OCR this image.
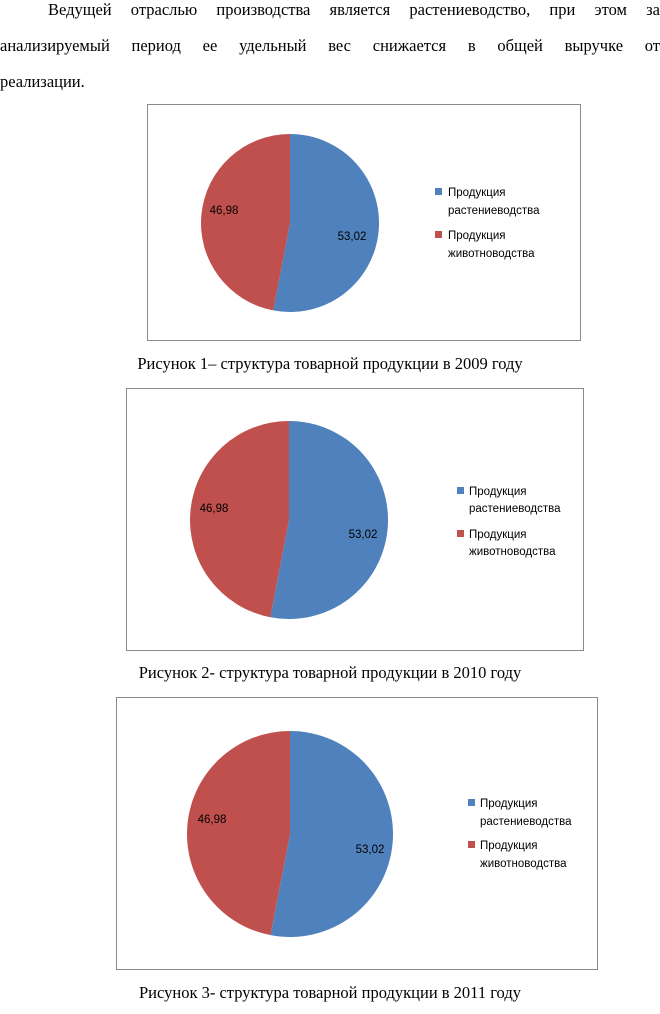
Ведущей отраслью производства является растениеводство, при этом за
анализируемый период ее удельный вес снижается в общей выручке от
реализации.
53,02
46,98
Продукция
растениеводства
Продукция
животноводства
Рисунок 1– структура товарной продукции в 2009 году
53,02
46,98
Продукция
растениеводства
Продукция
животноводства
Рисунок 2- структура товарной продукции в 2010 году
53,02
46,98
Продукция
растениеводства
Продукция
животноводства
Рисунок 3- структура товарной продукции в 2011 году
